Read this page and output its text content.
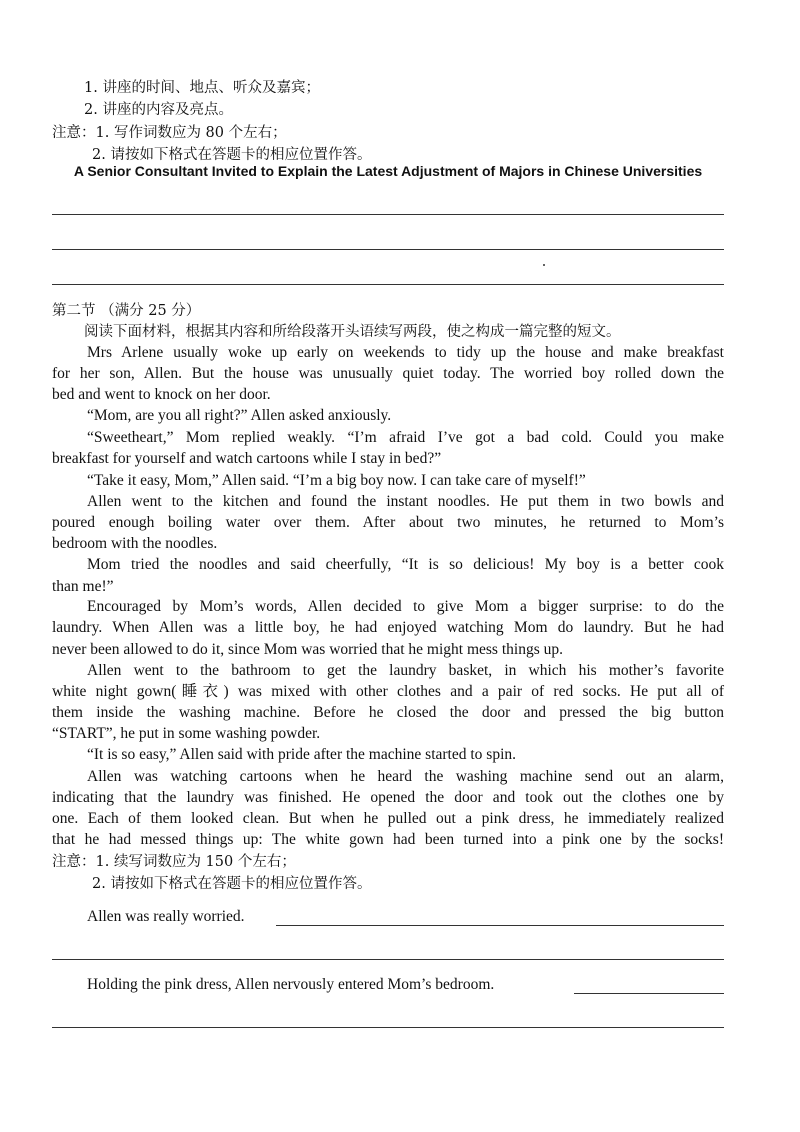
1. 讲座的时间、地点、听众及嘉宾；
2. 讲座的内容及亮点。
注意：1. 写作词数应为 80 个左右；
2. 请按如下格式在答题卡的相应位置作答。
A Senior Consultant Invited to Explain the Latest Adjustment of Majors in Chinese Universities
第二节 （满分 25 分）
阅读下面材料，根据其内容和所给段落开头语续写两段，使之构成一篇完整的短文。
Mrs Arlene usually woke up early on weekends to tidy up the house and make breakfast
for her son, Allen. But the house was unusually quiet today. The worried boy rolled down the
bed and went to knock on her door.
“Mom, are you all right?” Allen asked anxiously.
“Sweetheart,” Mom replied weakly. “I’m afraid I’ve got a bad cold. Could you make
breakfast for yourself and watch cartoons while I stay in bed?”
“Take it easy, Mom,” Allen said. “I’m a big boy now. I can take care of myself!”
Allen went to the kitchen and found the instant noodles. He put them in two bowls and
poured enough boiling water over them. After about two minutes, he returned to Mom’s
bedroom with the noodles.
Mom tried the noodles and said cheerfully, “It is so delicious! My boy is a better cook
than me!”
Encouraged by Mom’s words, Allen decided to give Mom a bigger surprise: to do the
laundry. When Allen was a little boy, he had enjoyed watching Mom do laundry. But he had
never been allowed to do it, since Mom was worried that he might mess things up.
Allen went to the bathroom to get the laundry basket, in which his mother’s favorite
white night gown(睡衣) was mixed with other clothes and a pair of red socks. He put all of
them inside the washing machine. Before he closed the door and pressed the big button
“START”, he put in some washing powder.
“It is so easy,” Allen said with pride after the machine started to spin.
Allen was watching cartoons when he heard the washing machine send out an alarm,
indicating that the laundry was finished. He opened the door and took out the clothes one by
one. Each of them looked clean. But when he pulled out a pink dress, he immediately realized
that he had messed things up: The white gown had been turned into a pink one by the socks!
注意：1. 续写词数应为 150 个左右；
2. 请按如下格式在答题卡的相应位置作答。
Allen was really worried.
Holding the pink dress, Allen nervously entered Mom’s bedroom.
